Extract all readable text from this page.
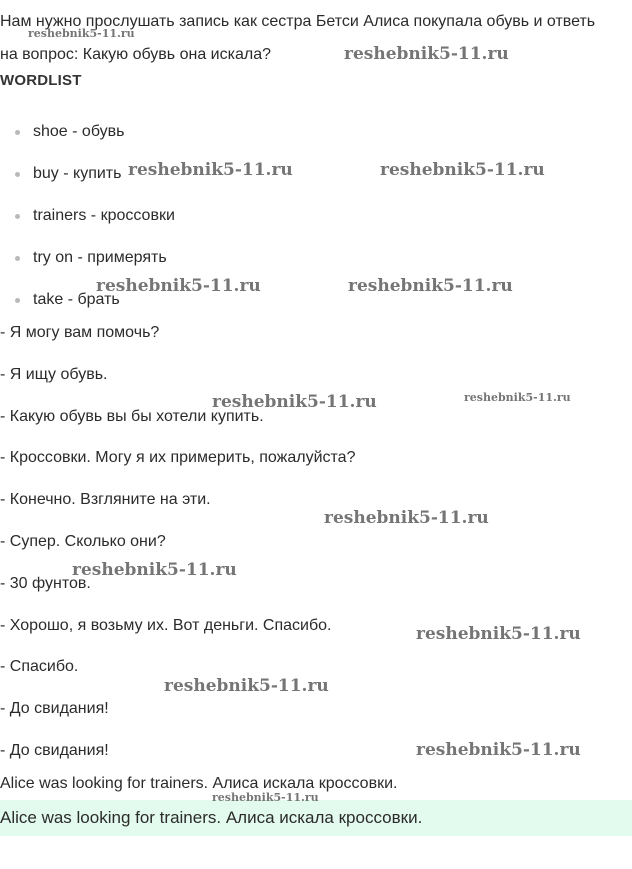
Нам нужно прослушать запись как сестра Бетси Алиса покупала обувь и ответь на вопрос: Какую обувь она искала?

WORDLIST
shoe - обувь
buy - купить
trainers - кроссовки
try on - примерять
take - брать
- Я могу вам помочь?
- Я ищу обувь.
- Какую обувь вы бы хотели купить.
- Кроссовки. Могу я их примерить, пожалуйста?
- Конечно. Взгляните на эти.
- Супер. Сколько они?
- 30 фунтов.
- Хорошо, я возьму их. Вот деньги. Спасибо.
- Спасибо.
- До свидания!
- До свидания!

Alice was looking for trainers. Алиса искала кроссовки.

Alice was looking for trainers. Алиса искала кроссовки.
reshebnik5-11.ru
reshebnik5-11.ru
reshebnik5-11.ru	reshebnik5-11.ru
reshebnik5-11.ru	reshebnik5-11.ru
reshebnik5-11.ru	reshebnik5-11.ru
reshebnik5-11.ru
reshebnik5-11.ru
reshebnik5-11.ru
reshebnik5-11.ru
reshebnik5-11.ru
reshebnik5-11.ru
